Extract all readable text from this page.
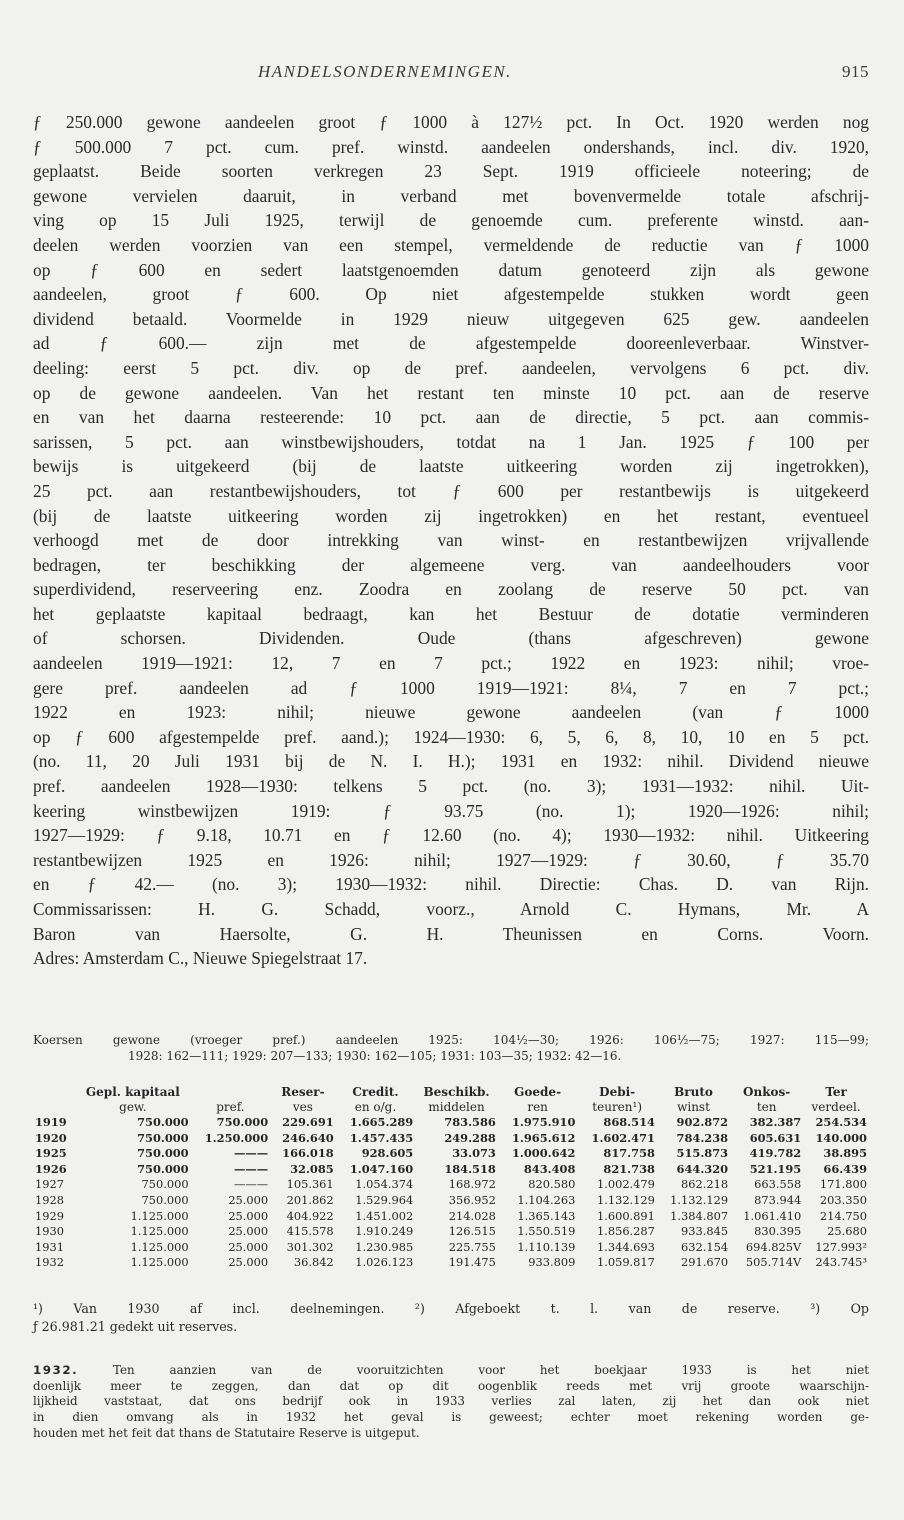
HANDELSONDERNEMINGEN.	915
ƒ 250.000 gewone aandeelen groot ƒ 1000 à 127½ pct. In Oct. 1920 werden nog
ƒ 500.000 7 pct. cum. pref. winstd. aandeelen ondershands, incl. div. 1920,
geplaatst. Beide soorten verkregen 23 Sept. 1919 officieele noteering; de
gewone vervielen daaruit, in verband met bovenvermelde totale afschrij-
ving op 15 Juli 1925, terwijl de genoemde cum. preferente winstd. aan-
deelen werden voorzien van een stempel, vermeldende de reductie van ƒ 1000
op ƒ 600 en sedert laatstgenoemden datum genoteerd zijn als gewone
aandeelen, groot ƒ 600. Op niet afgestempelde stukken wordt geen
dividend betaald. Voormelde in 1929 nieuw uitgegeven 625 gew. aandeelen
ad ƒ 600.— zijn met de afgestempelde dooreenleverbaar. Winstver-
deeling: eerst 5 pct. div. op de pref. aandeelen, vervolgens 6 pct. div.
op de gewone aandeelen. Van het restant ten minste 10 pct. aan de reserve
en van het daarna resteerende: 10 pct. aan de directie, 5 pct. aan commis-
sarissen, 5 pct. aan winstbewijshouders, totdat na 1 Jan. 1925 ƒ 100 per
bewijs is uitgekeerd (bij de laatste uitkeering worden zij ingetrokken),
25 pct. aan restantbewijshouders, tot ƒ 600 per restantbewijs is uitgekeerd
(bij de laatste uitkeering worden zij ingetrokken) en het restant, eventueel
verhoogd met de door intrekking van winst- en restantbewijzen vrijvallende
bedragen, ter beschikking der algemeene verg. van aandeelhouders voor
superdividend, reserveering enz. Zoodra en zoolang de reserve 50 pct. van
het geplaatste kapitaal bedraagt, kan het Bestuur de dotatie verminderen
of schorsen. Dividenden. Oude (thans afgeschreven) gewone
aandeelen 1919—1921: 12, 7 en 7 pct.; 1922 en 1923: nihil; vroe-
gere pref. aandeelen ad ƒ 1000 1919—1921: 8¼, 7 en 7 pct.;
1922 en 1923: nihil; nieuwe gewone aandeelen (van ƒ 1000
op ƒ 600 afgestempelde pref. aand.); 1924—1930: 6, 5, 6, 8, 10, 10 en 5 pct.
(no. 11, 20 Juli 1931 bij de N. I. H.); 1931 en 1932: nihil. Dividend nieuwe
pref. aandeelen 1928—1930: telkens 5 pct. (no. 3); 1931—1932: nihil. Uit-
keering winstbewijzen 1919: ƒ 93.75 (no. 1); 1920—1926: nihil;
1927—1929: ƒ 9.18, 10.71 en ƒ 12.60 (no. 4); 1930—1932: nihil. Uitkeering
restantbewijzen 1925 en 1926: nihil; 1927—1929: ƒ 30.60, ƒ 35.70
en ƒ 42.— (no. 3); 1930—1932: nihil. Directie: Chas. D. van Rijn.
Commissarissen: H. G. Schadd, voorz., Arnold C. Hymans, Mr. A
Baron van Haersolte, G. H. Theunissen en Corns. Voorn.
Adres: Amsterdam C., Nieuwe Spiegelstraat 17.
Koersen gewone (vroeger pref.) aandeelen 1925: 104½—30; 1926: 106½—75; 1927: 115—99;
1928: 162—111; 1929: 207—133; 1930: 162—105; 1931: 103—35; 1932: 42—16.
	Gepl. kapitaal		Reser-	Credit.	Beschikb.	Goede-	Debi-	Bruto	Onkos-	Ter
	gew.	pref.	ves	en o/g.	middelen	ren	teuren¹)	winst	ten	verdeel.
1919	750.000	750.000	229.691	1.665.289	783.586	1.975.910	868.514	902.872	382.387	254.534
1920	750.000	1.250.000	246.640	1.457.435	249.288	1.965.612	1.602.471	784.238	605.631	140.000
1925	750.000	———	166.018	928.605	33.073	1.000.642	817.758	515.873	419.782	38.895
1926	750.000	———	32.085	1.047.160	184.518	843.408	821.738	644.320	521.195	66.439
1927	750.000	———	105.361	1.054.374	168.972	820.580	1.002.479	862.218	663.558	171.800
1928	750.000	25.000	201.862	1.529.964	356.952	1.104.263	1.132.129	1.132.129	873.944	203.350
1929	1.125.000	25.000	404.922	1.451.002	214.028	1.365.143	1.600.891	1.384.807	1.061.410	214.750
1930	1.125.000	25.000	415.578	1.910.249	126.515	1.550.519	1.856.287	933.845	830.395	25.680
1931	1.125.000	25.000	301.302	1.230.985	225.755	1.110.139	1.344.693	632.154	694.825V	127.993²
1932	1.125.000	25.000	36.842	1.026.123	191.475	933.809	1.059.817	291.670	505.714V	243.745³
¹) Van 1930 af incl. deelnemingen. ²) Afgeboekt t. l. van de reserve. ³) Op
ƒ 26.981.21 gedekt uit reserves.
1932.	Ten aanzien van de vooruitzichten voor het boekjaar 1933 is het niet
doenlijk meer te zeggen, dan dat op dit oogenblik reeds met vrij groote waarschijn-
lijkheid vaststaat, dat ons bedrijf ook in 1933 verlies zal laten, zij het dan ook niet
in dien omvang als in 1932 het geval is geweest; echter moet rekening worden ge-
houden met het feit dat thans de Statutaire Reserve is uitgeput.
